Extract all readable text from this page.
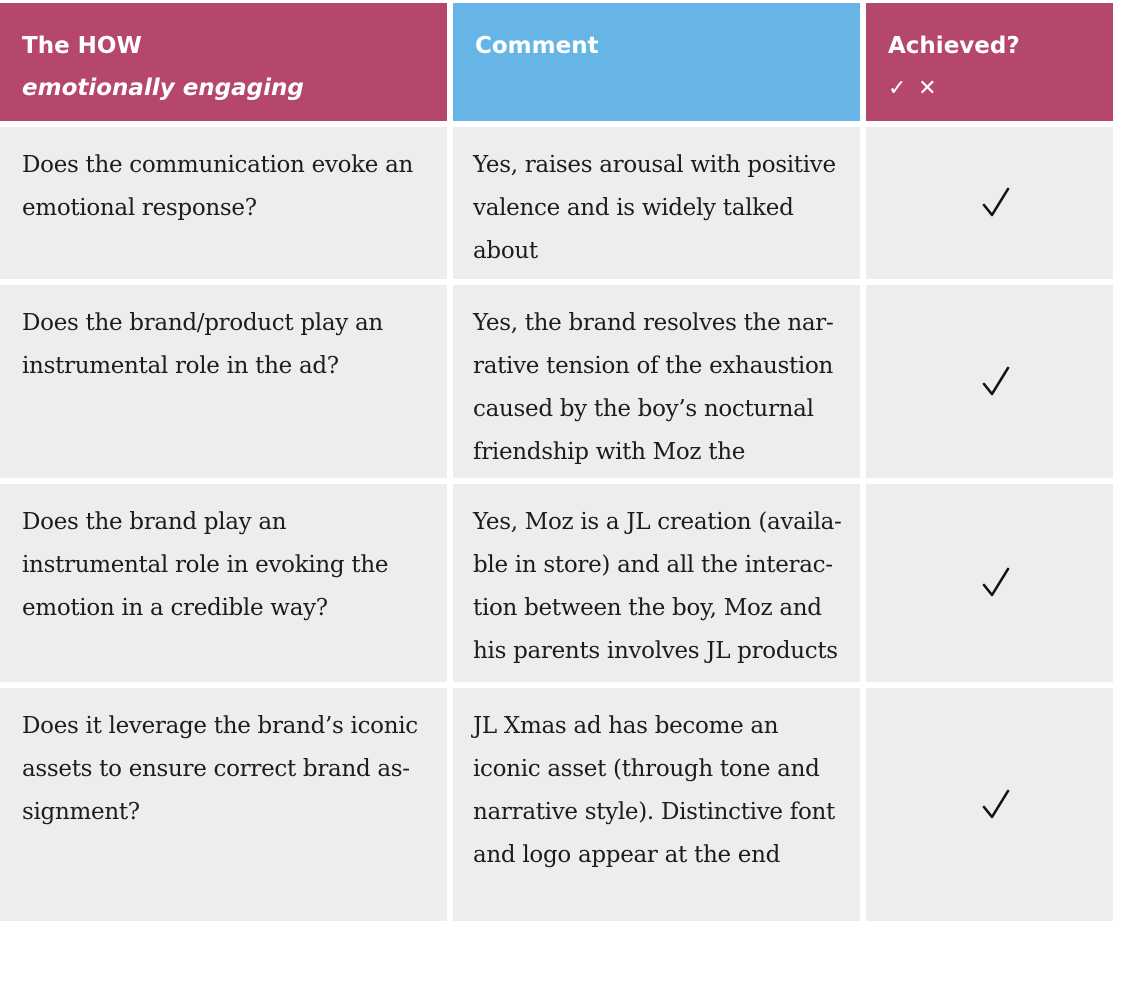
The HOW
emotionally engaging
Comment	Achieved?
✓ ✕
Does the communication evoke an emotional response?
Yes, raises arousal with positive valence and is widely talked about
Does the brand/product play an instrumental role in the ad?
Yes, the brand resolves the nar-rative tension of the exhaustion caused by the boy’s nocturnal friendship with Moz the
Does the brand play an instrumental role in evoking the emotion in a credible way?
Yes, Moz is a JL creation (availa-ble in store) and all the interac-tion between the boy, Moz and his parents involves JL products
Does it leverage the brand’s iconic assets to ensure correct brand as-signment?
JL Xmas ad has become an iconic asset (through tone and narrative style). Distinctive font and logo appear at the end
